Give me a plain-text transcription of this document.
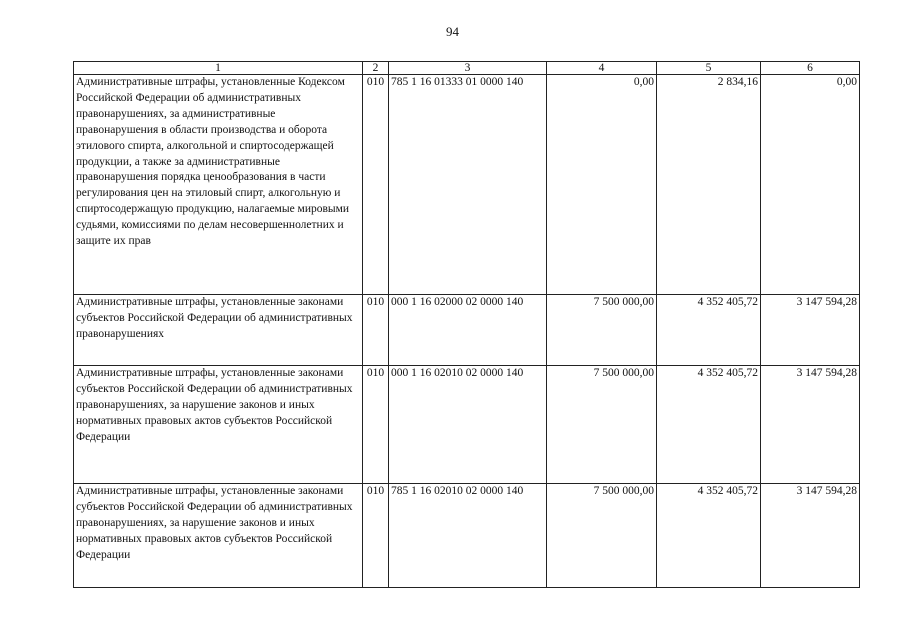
94
1	2	3	4	5	6
Административные штрафы, установленные Кодексом Российской Федерации об административных правонарушениях, за административные правонарушения в области производства и оборота этилового спирта, алкогольной и спиртосодержащей продукции, а также за административные правонарушения порядка ценообразования в части регулирования цен на этиловый спирт, алкогольную и спиртосодержащую продукцию, налагаемые мировыми судьями, комиссиями по делам несовершеннолетних и защите их прав	010	785 1 16 01333 01 0000 140	0,00	2 834,16	0,00
Административные штрафы, установленные законами субъектов Российской Федерации об административных правонарушениях	010	000 1 16 02000 02 0000 140	7 500 000,00	4 352 405,72	3 147 594,28
Административные штрафы, установленные законами субъектов Российской Федерации об административных правонарушениях, за нарушение законов и иных нормативных правовых актов субъектов Российской Федерации	010	000 1 16 02010 02 0000 140	7 500 000,00	4 352 405,72	3 147 594,28
Административные штрафы, установленные законами субъектов Российской Федерации об административных правонарушениях, за нарушение законов и иных нормативных правовых актов субъектов Российской Федерации	010	785 1 16 02010 02 0000 140	7 500 000,00	4 352 405,72	3 147 594,28
